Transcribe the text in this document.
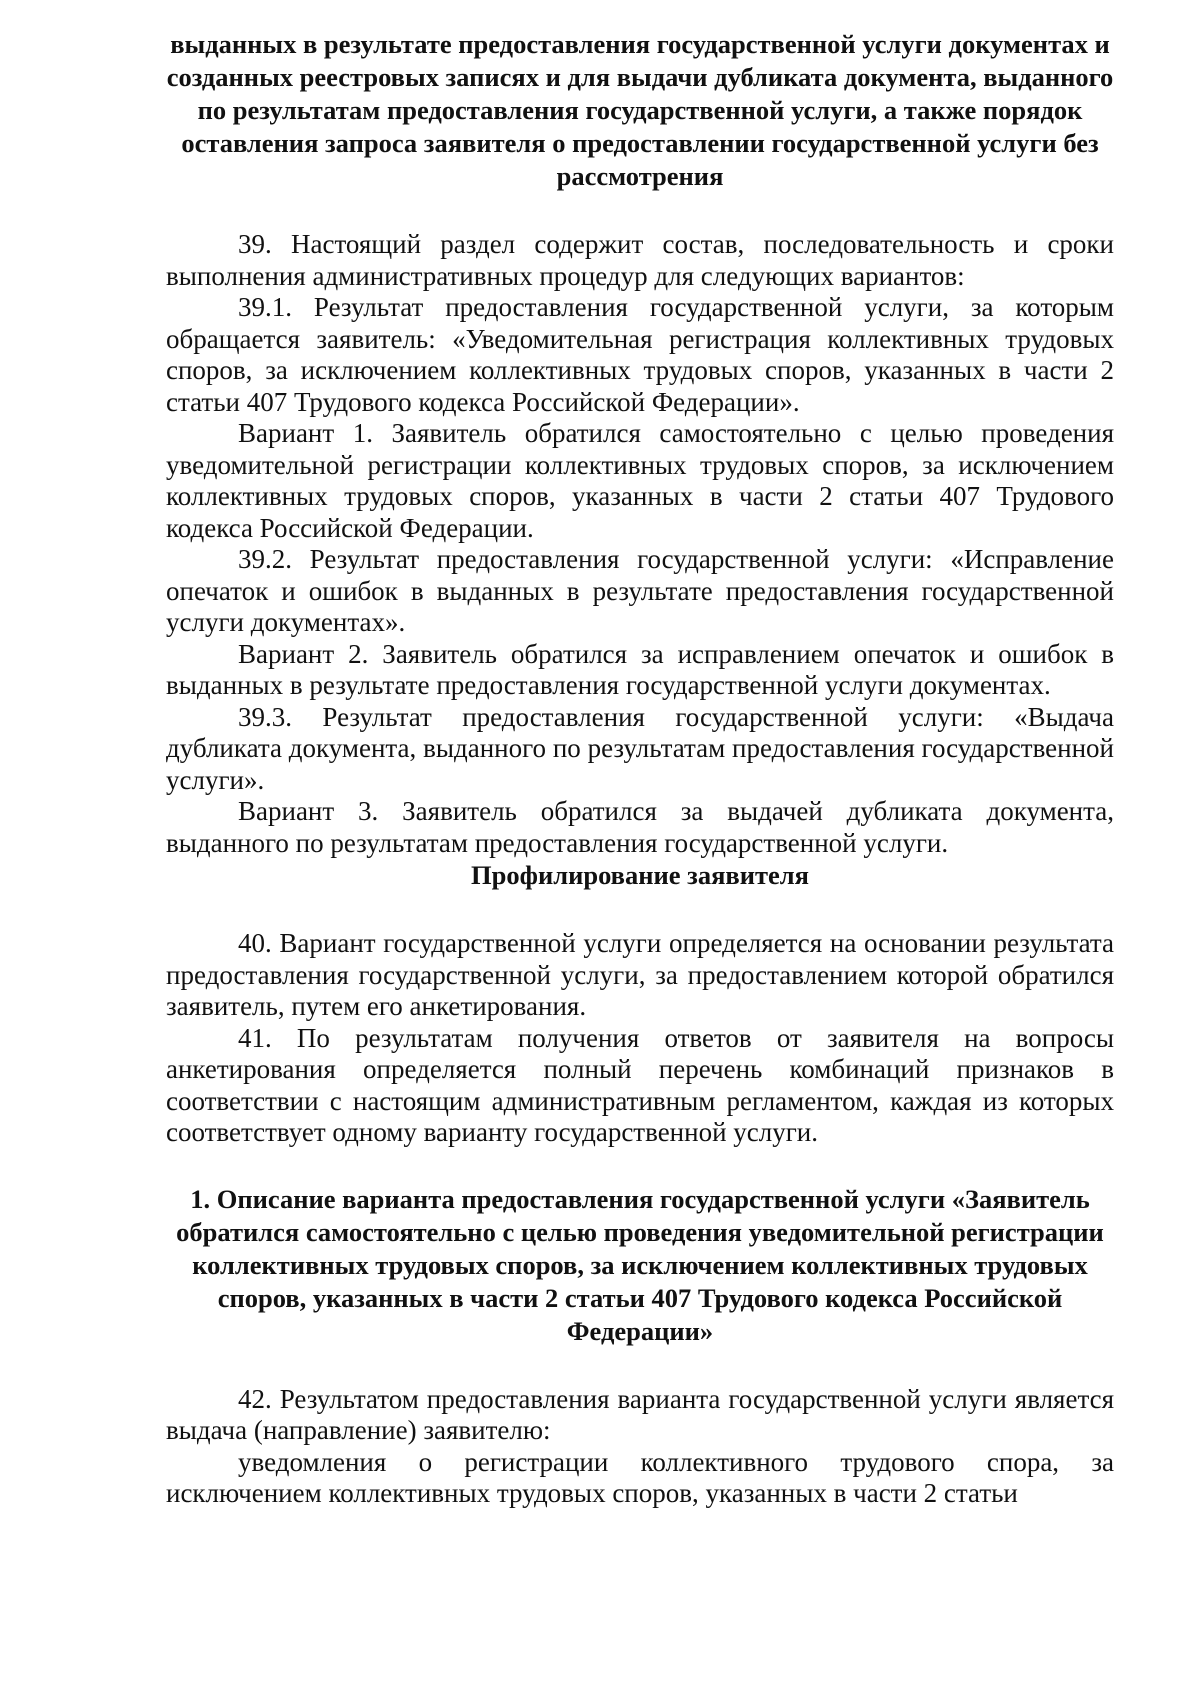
выданных в результате предоставления государственной услуги документах и созданных реестровых записях и для выдачи дубликата документа, выданного по результатам предоставления государственной услуги, а также порядок оставления запроса заявителя о предоставлении государственной услуги без рассмотрения

39. Настоящий раздел содержит состав, последовательность и сроки выполнения административных процедур для следующих вариантов:

39.1. Результат предоставления государственной услуги, за которым обращается заявитель: «Уведомительная регистрация коллективных трудовых споров, за исключением коллективных трудовых споров, указанных в части 2 статьи 407 Трудового кодекса Российской Федерации».

Вариант 1. Заявитель обратился самостоятельно с целью проведения уведомительной регистрации коллективных трудовых споров, за исключением коллективных трудовых споров, указанных в части 2 статьи 407 Трудового кодекса Российской Федерации.

39.2. Результат предоставления государственной услуги: «Исправление опечаток и ошибок в выданных в результате предоставления государственной услуги документах».

Вариант 2. Заявитель обратился за исправлением опечаток и ошибок в выданных в результате предоставления государственной услуги документах.

39.3. Результат предоставления государственной услуги: «Выдача дубликата документа, выданного по результатам предоставления государственной услуги».

Вариант 3. Заявитель обратился за выдачей дубликата документа, выданного по результатам предоставления государственной услуги.

Профилирование заявителя

40. Вариант государственной услуги определяется на основании результата предоставления государственной услуги, за предоставлением которой обратился заявитель, путем его анкетирования.

41. По результатам получения ответов от заявителя на вопросы анкетирования определяется полный перечень комбинаций признаков в соответствии с настоящим административным регламентом, каждая из которых соответствует одному варианту государственной услуги.

1. Описание варианта предоставления государственной услуги «Заявитель обратился самостоятельно с целью проведения уведомительной регистрации коллективных трудовых споров, за исключением коллективных трудовых споров, указанных в части 2 статьи 407 Трудового кодекса Российской Федерации»

42. Результатом предоставления варианта государственной услуги является выдача (направление) заявителю:

уведомления о регистрации коллективного трудового спора, за исключением коллективных трудовых споров, указанных в части 2 статьи
